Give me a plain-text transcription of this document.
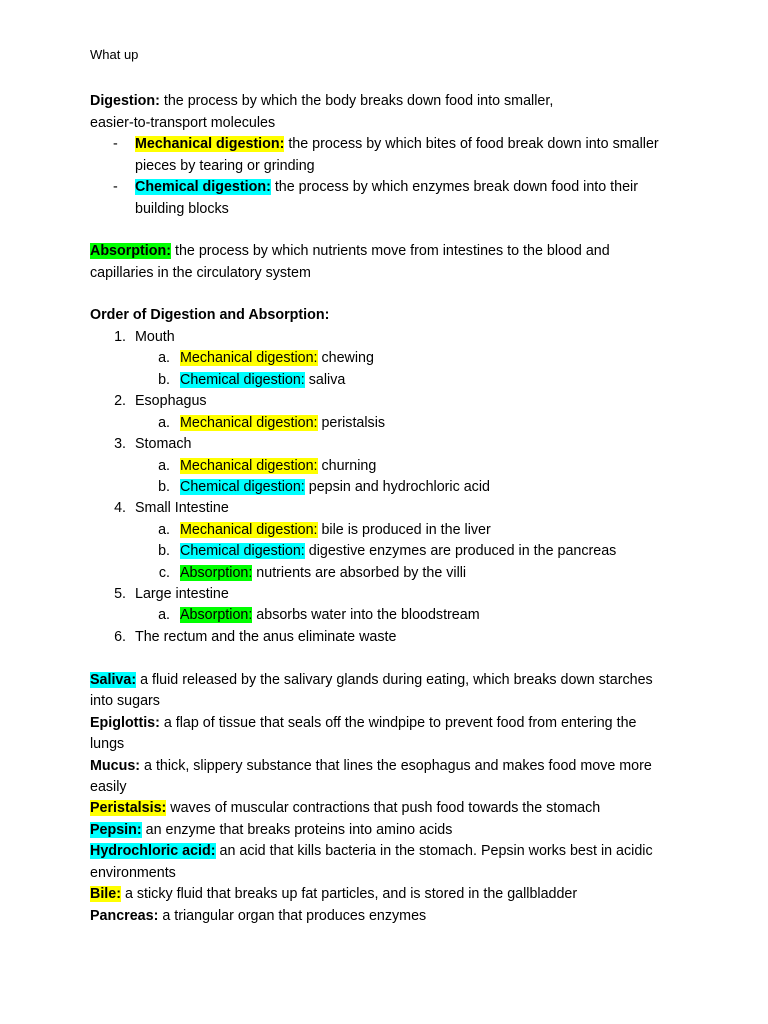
What up
Digestion: the process by which the body breaks down food into smaller,
easier-to-transport molecules
- Mechanical digestion: the process by which bites of food break down into smaller
pieces by tearing or grinding
- Chemical digestion: the process by which enzymes break down food into their
building blocks
Absorption: the process by which nutrients move from intestines to the blood and
capillaries in the circulatory system
Order of Digestion and Absorption:
1. Mouth
a. Mechanical digestion: chewing
b. Chemical digestion: saliva
2. Esophagus
a. Mechanical digestion: peristalsis
3. Stomach
a. Mechanical digestion: churning
b. Chemical digestion: pepsin and hydrochloric acid
4. Small Intestine
a. Mechanical digestion: bile is produced in the liver
b. Chemical digestion: digestive enzymes are produced in the pancreas
c. Absorption: nutrients are absorbed by the villi
5. Large intestine
a. Absorption: absorbs water into the bloodstream
6. The rectum and the anus eliminate waste
Saliva: a fluid released by the salivary glands during eating, which breaks down starches
into sugars
Epiglottis: a flap of tissue that seals off the windpipe to prevent food from entering the
lungs
Mucus: a thick, slippery substance that lines the esophagus and makes food move more
easily
Peristalsis: waves of muscular contractions that push food towards the stomach
Pepsin: an enzyme that breaks proteins into amino acids
Hydrochloric acid: an acid that kills bacteria in the stomach. Pepsin works best in acidic
environments
Bile: a sticky fluid that breaks up fat particles, and is stored in the gallbladder
Pancreas: a triangular organ that produces enzymes
